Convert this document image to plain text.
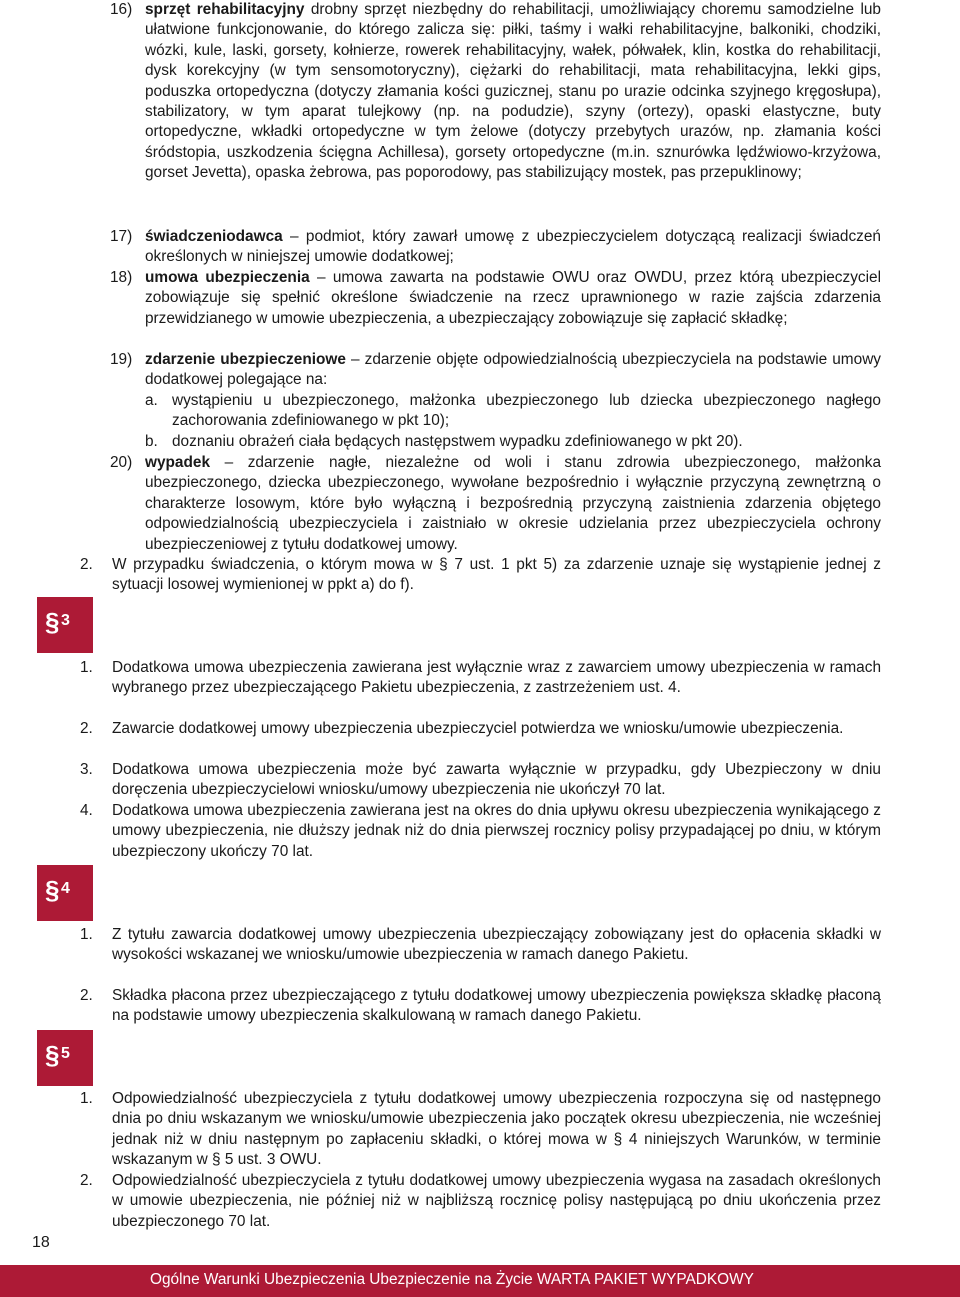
16) sprzęt rehabilitacyjny drobny sprzęt niezbędny do rehabilitacji, umożliwiający choremu samodzielne lub ułatwione funkcjonowanie, do którego zalicza się: piłki, taśmy i wałki rehabilitacyjne, balkoniki, chodziki, wózki, kule, laski, gorsety, kołnierze, rowerek rehabilitacyjny, wałek, półwałek, klin, kostka do rehabilitacji, dysk korekcyjny (w tym sensomotoryczny), ciężarki do rehabilitacji, mata rehabilitacyjna, lekki gips, poduszka ortopedyczna (dotyczy złamania kości guzicznej, stanu po urazie odcinka szyjnego kręgosłupa), stabilizatory, w tym aparat tulejkowy (np. na podudzie), szyny (ortezy), opaski elastyczne, buty ortopedyczne, wkładki ortopedyczne w tym żelowe (dotyczy przebytych urazów, np. złamania kości śródstopia, uszkodzenia ścięgna Achillesa), gorsety ortopedyczne (m.in. sznurówka lędźwiowo-krzyżowa, gorset Jevetta), opaska żebrowa, pas poporodowy, pas stabilizujący mostek, pas przepuklinowy;

17) świadczeniodawca – podmiot, który zawarł umowę z ubezpieczycielem dotyczącą realizacji świadczeń określonych w niniejszej umowie dodatkowej;

18) umowa ubezpieczenia – umowa zawarta na podstawie OWU oraz OWDU, przez którą ubezpieczyciel zobowiązuje się spełnić określone świadczenie na rzecz uprawnionego w razie zajścia zdarzenia przewidzianego w umowie ubezpieczenia, a ubezpieczający zobowiązuje się zapłacić składkę;

19) zdarzenie ubezpieczeniowe – zdarzenie objęte odpowiedzialnością ubezpieczyciela na podstawie umowy dodatkowej polegające na:

a. wystąpieniu u ubezpieczonego, małżonka ubezpieczonego lub dziecka ubezpieczonego nagłego zachorowania zdefiniowanego w pkt 10);

b. doznaniu obrażeń ciała będących następstwem wypadku zdefiniowanego w pkt 20).

20) wypadek – zdarzenie nagłe, niezależne od woli i stanu zdrowia ubezpieczonego, małżonka ubezpieczonego, dziecka ubezpieczonego, wywołane bezpośrednio i wyłącznie przyczyną zewnętrzną o charakterze losowym, które było wyłączną i bezpośrednią przyczyną zaistnienia zdarzenia objętego odpowiedzialnością ubezpieczyciela i zaistniało w okresie udzielania przez ubezpieczyciela ochrony ubezpieczeniowej z tytułu dodatkowej umowy.

2.	W przypadku świadczenia, o którym mowa w § 7 ust. 1 pkt 5) za zdarzenie uznaje się wystąpienie jednej z sytuacji losowej wymienionej w ppkt a) do f).

§ 3
1.	Dodatkowa umowa ubezpieczenia zawierana jest wyłącznie wraz z zawarciem umowy ubezpieczenia w ramach wybranego przez ubezpieczającego Pakietu ubezpieczenia, z zastrzeżeniem ust. 4.

2.	Zawarcie dodatkowej umowy ubezpieczenia ubezpieczyciel potwierdza we wniosku/umowie ubezpieczenia.

3.	Dodatkowa umowa ubezpieczenia może być zawarta wyłącznie w przypadku, gdy Ubezpieczony w dniu doręczenia ubezpieczycielowi wniosku/umowy ubezpieczenia nie ukończył 70 lat.

4.	Dodatkowa umowa ubezpieczenia zawierana jest na okres do dnia upływu okresu ubezpieczenia wynikającego z umowy ubezpieczenia, nie dłuższy jednak niż do dnia pierwszej rocznicy polisy przypadającej po dniu, w którym ubezpieczony ukończy 70 lat.

§ 4
1.	Z tytułu zawarcia dodatkowej umowy ubezpieczenia ubezpieczający zobowiązany jest do opłacenia składki w wysokości wskazanej we wniosku/umowie ubezpieczenia w ramach danego Pakietu.

2.	Składka płacona przez ubezpieczającego z tytułu dodatkowej umowy ubezpieczenia powiększa składkę płaconą na podstawie umowy ubezpieczenia skalkulowaną w ramach danego Pakietu.

§ 5
1.	Odpowiedzialność ubezpieczyciela z tytułu dodatkowej umowy ubezpieczenia rozpoczyna się od następnego dnia po dniu wskazanym we wniosku/umowie ubezpieczenia jako początek okresu ubezpieczenia, nie wcześniej jednak niż w dniu następnym po zapłaceniu składki, o której mowa w § 4 niniejszych Warunków, w terminie wskazanym w § 5 ust. 3 OWU.

2.	Odpowiedzialność ubezpieczyciela z tytułu dodatkowej umowy ubezpieczenia wygasa na zasadach określonych w umowie ubezpieczenia, nie później niż w najbliższą rocznicę polisy następującą po dniu ukończenia przez ubezpieczonego 70 lat.

18
Ogólne Warunki Ubezpieczenia Ubezpieczenie na Życie WARTA PAKIET WYPADKOWY
